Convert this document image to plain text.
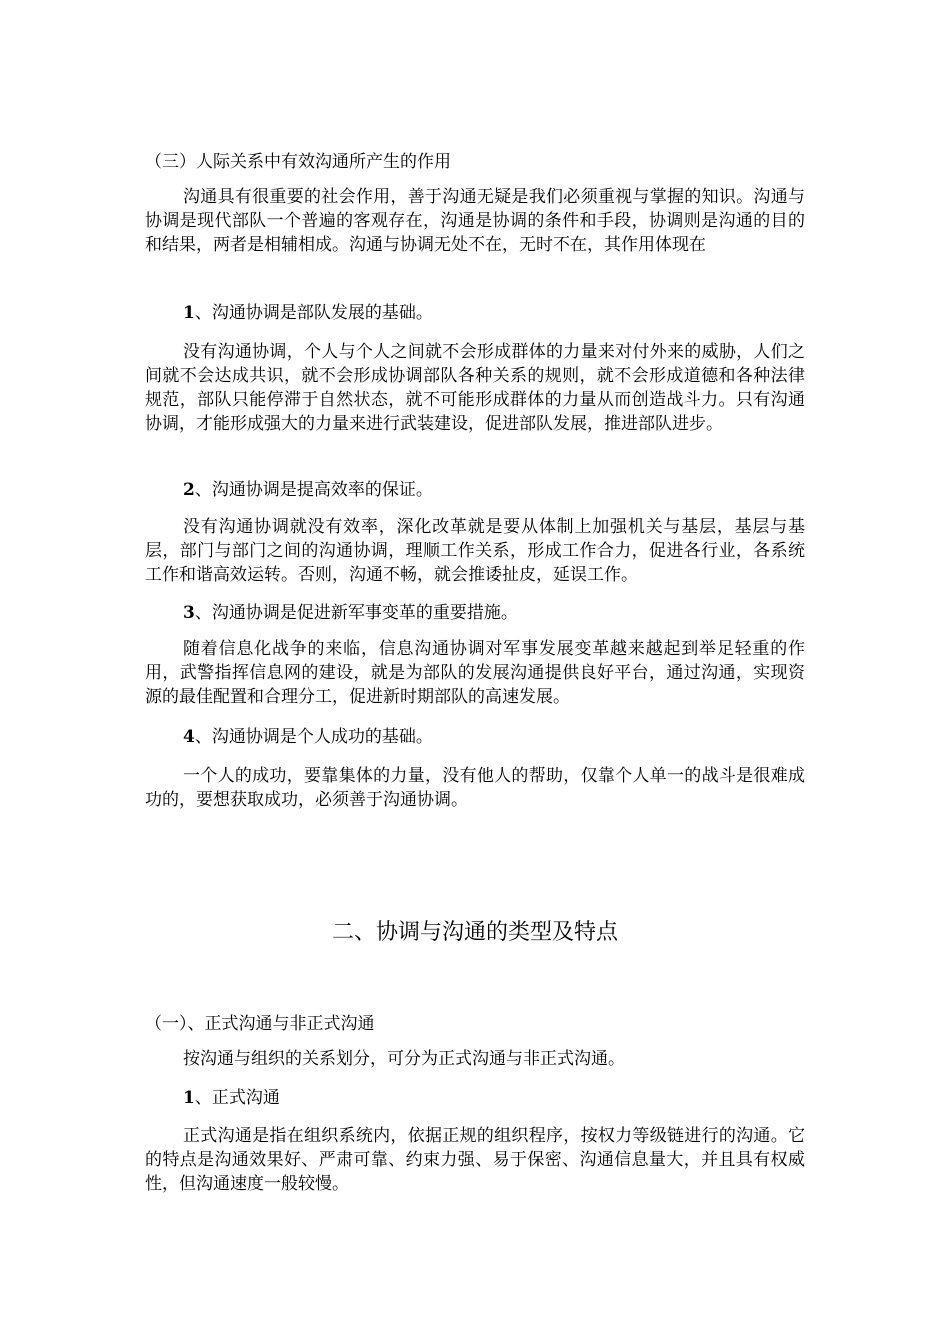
（三）人际关系中有效沟通所产生的作用

沟通具有很重要的社会作用，善于沟通无疑是我们必须重视与掌握的知识。沟通与协调是现代部队一个普遍的客观存在，沟通是协调的条件和手段，协调则是沟通的目的和结果，两者是相辅相成。沟通与协调无处不在，无时不在，其作用体现在

1、沟通协调是部队发展的基础。

没有沟通协调，个人与个人之间就不会形成群体的力量来对付外来的威胁，人们之间就不会达成共识，就不会形成协调部队各种关系的规则，就不会形成道德和各种法律规范，部队只能停滞于自然状态，就不可能形成群体的力量从而创造战斗力。只有沟通协调，才能形成强大的力量来进行武装建设，促进部队发展，推进部队进步。

2、沟通协调是提高效率的保证。

没有沟通协调就没有效率，深化改革就是要从体制上加强机关与基层，基层与基层，部门与部门之间的沟通协调，理顺工作关系，形成工作合力，促进各行业，各系统工作和谐高效运转。否则，沟通不畅，就会推诿扯皮，延误工作。

3、沟通协调是促进新军事变革的重要措施。

随着信息化战争的来临，信息沟通协调对军事发展变革越来越起到举足轻重的作用，武警指挥信息网的建设，就是为部队的发展沟通提供良好平台，通过沟通，实现资源的最佳配置和合理分工，促进新时期部队的高速发展。

4、沟通协调是个人成功的基础。

一个人的成功，要靠集体的力量，没有他人的帮助，仅靠个人单一的战斗是很难成功的，要想获取成功，必须善于沟通协调。

二、协调与沟通的类型及特点

（一）、正式沟通与非正式沟通

按沟通与组织的关系划分，可分为正式沟通与非正式沟通。

1、正式沟通

正式沟通是指在组织系统内，依据正规的组织程序，按权力等级链进行的沟通。它的特点是沟通效果好、严肃可靠、约束力强、易于保密、沟通信息量大，并且具有权威性，但沟通速度一般较慢。
